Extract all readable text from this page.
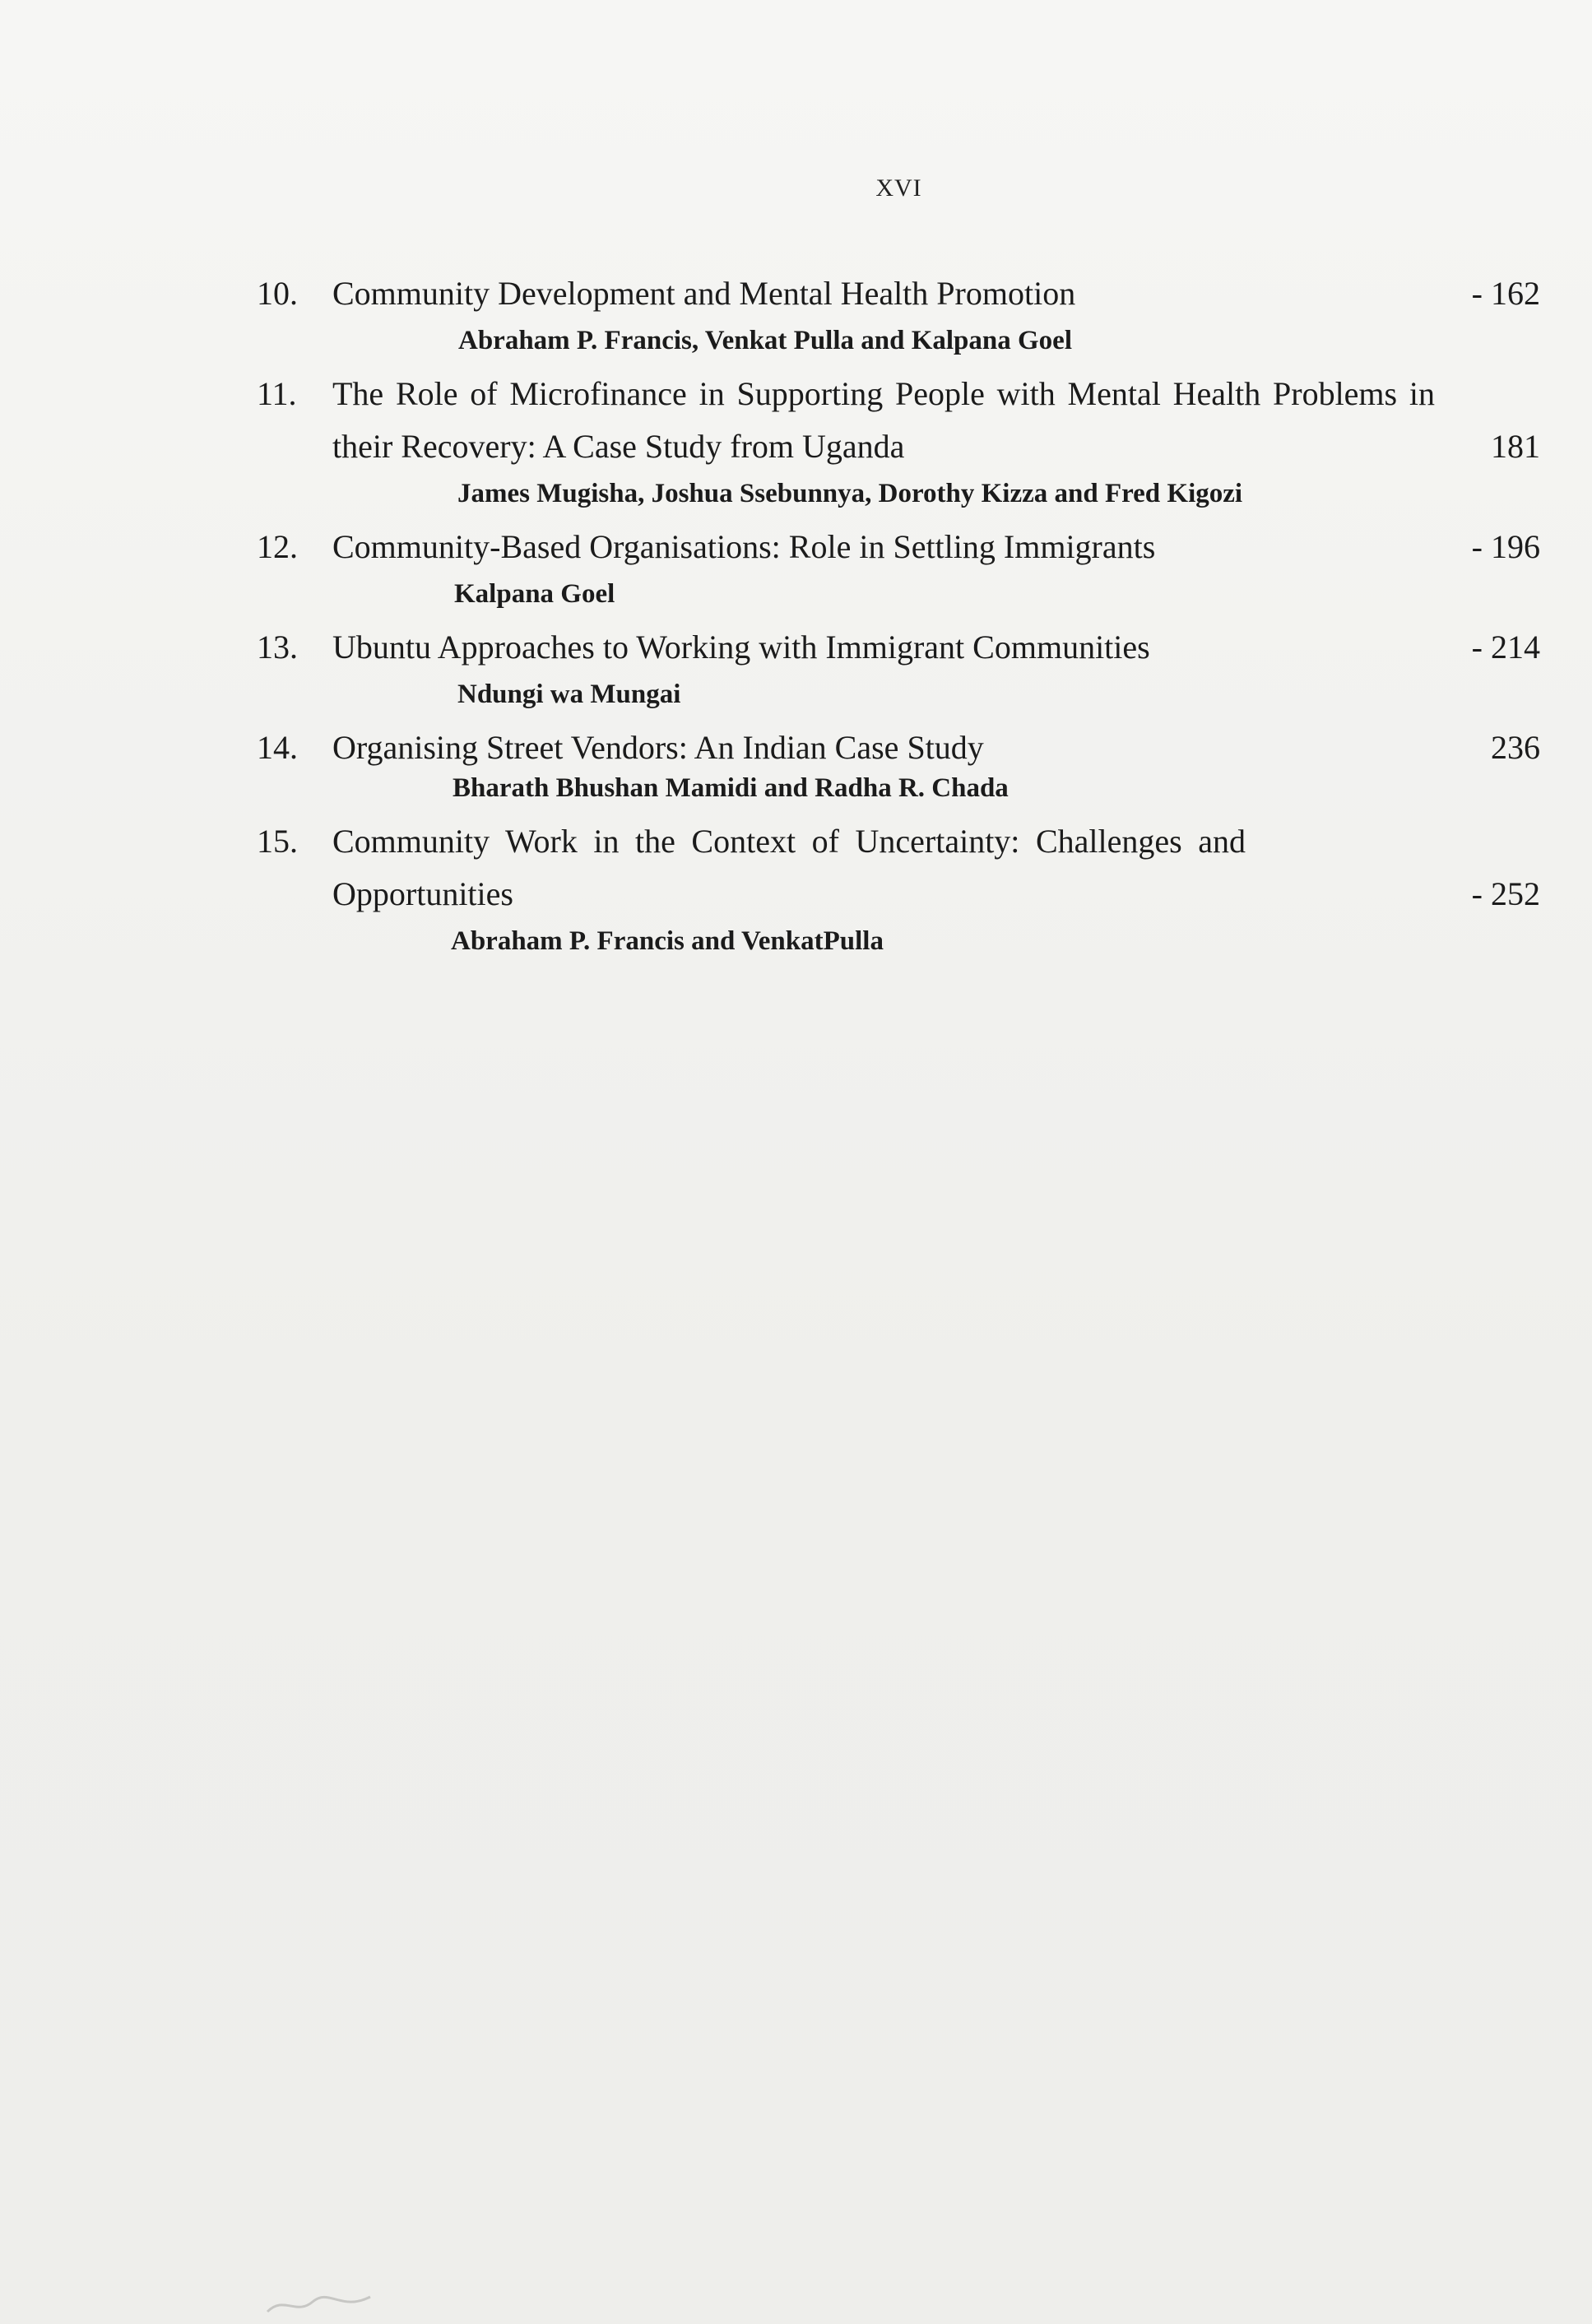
XVI
10.	Community Development and Mental Health Promotion	- 162
Abraham P. Francis, Venkat Pulla and Kalpana Goel
11.	The Role of Microfinance in Supporting People with Mental Health Problems in their Recovery: A Case Study from Uganda	181
James Mugisha, Joshua Ssebunnya, Dorothy Kizza and Fred Kigozi
12.	Community-Based Organisations: Role in Settling Immigrants	- 196
Kalpana Goel
13.	Ubuntu Approaches to Working with Immigrant Communities	- 214
Ndungi wa Mungai
14.	Organising Street Vendors: An Indian Case Study	236
Bharath Bhushan Mamidi and Radha R. Chada
15.	Community Work in the Context of Uncertainty: Challenges and Opportunities	- 252
Abraham P. Francis and VenkatPulla
